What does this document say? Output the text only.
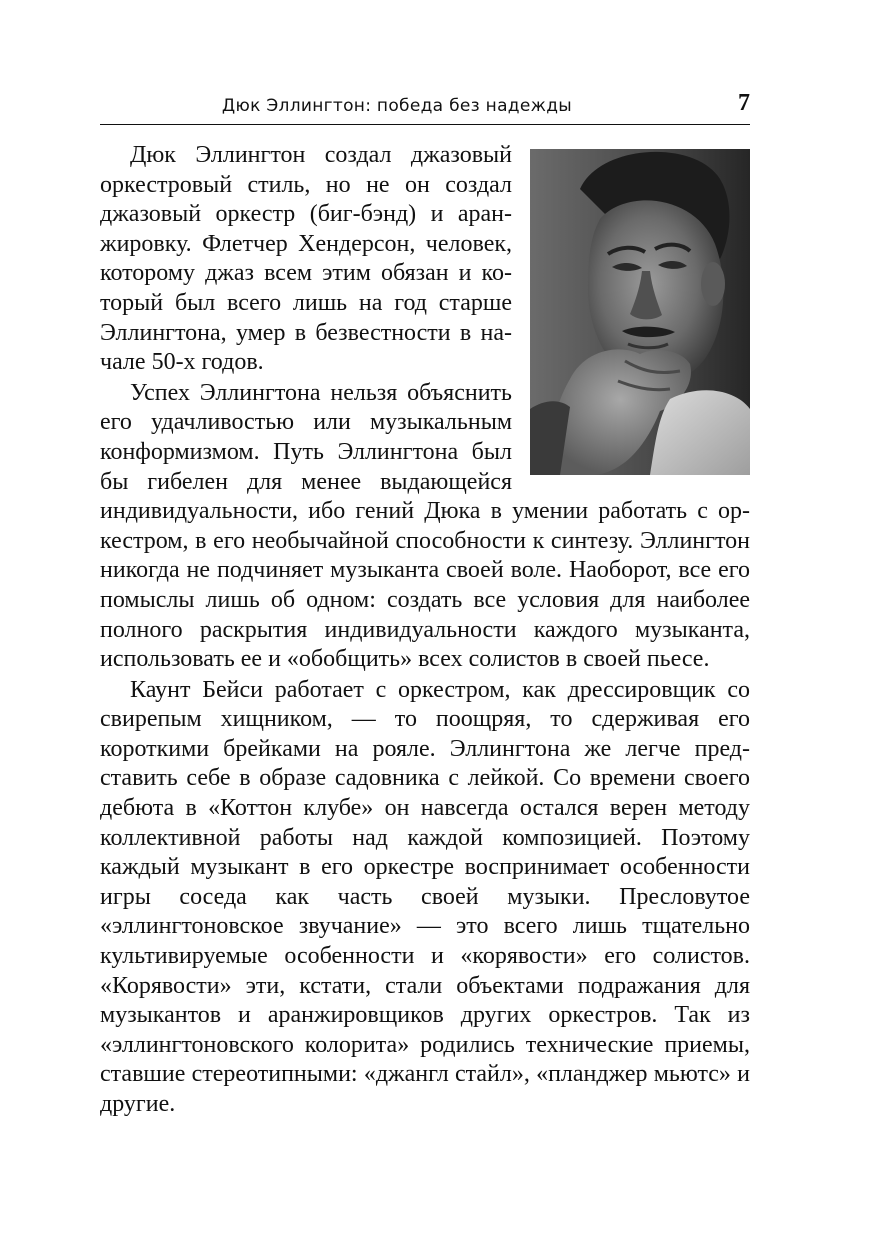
Дюк Эллингтон: победа без надежды	7

Дюк Эллингтон создал джазовый оркестровый стиль, но не он создал джазовый оркестр (биг-бэнд) и аранжировку. Флетчер Хендерсон, человек, которому джаз всем этим обязан и который был всего лишь на год старше Эллингтона, умер в безвестности в начале 50-х годов.

Успех Эллингтона нельзя объяснить его удачливостью или музыкальным конформизмом. Путь Эллингтона был бы гибелен для менее выдающейся индивидуальности, ибо гений Дюка в умении работать с оркестром, в его необычайной способности к синтезу. Эллингтон никогда не подчиняет музыканта своей воле. Наоборот, все его помыслы лишь об одном: создать все условия для наиболее полного раскрытия индивидуальности каждого музыканта, использовать ее и «обобщить» всех солистов в своей пьесе.

Каунт Бейси работает с оркестром, как дрессировщик со свирепым хищником, — то поощряя, то сдерживая его короткими брейками на рояле. Эллингтона же легче представить себе в образе садовника с лейкой. Со времени своего дебюта в «Коттон клубе» он навсегда остался верен методу коллективной работы над каждой композицией. Поэтому каждый музыкант в его оркестре воспринимает особенности игры соседа как часть своей музыки. Пресловутое «эллингтоновское звучание» — это всего лишь тщательно культивируемые особенности и «корявости» его солистов. «Корявости» эти, кстати, стали объектами подражания для музыкантов и аранжировщиков других оркестров. Так из «эллингтоновского колорита» родились технические приемы, ставшие стереотипными: «джангл стайл», «планджер мьютс» и другие.
